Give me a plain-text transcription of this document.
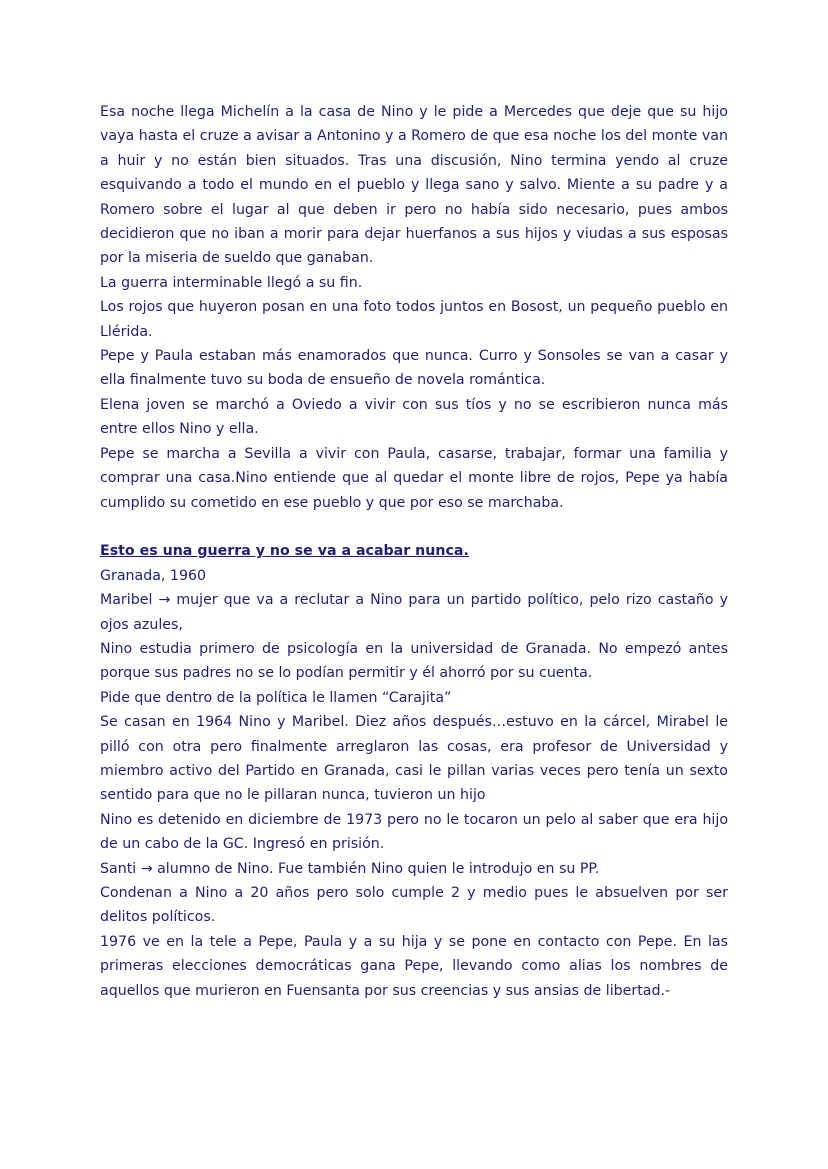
Esa noche llega Michelín a la casa de Nino y le pide a Mercedes que deje que su hijo vaya hasta el cruze a avisar a Antonino y a Romero de que esa noche los del monte van a huir y no están bien situados. Tras una discusión, Nino termina yendo al cruze esquivando a todo el mundo en el pueblo y llega sano y salvo. Miente a su padre y a Romero sobre el lugar al que deben ir pero no había sido necesario, pues ambos decidieron que no iban a morir para dejar huerfanos a sus hijos y viudas a sus esposas por la miseria de sueldo que ganaban.

La guerra interminable llegó a su fin.

Los rojos que huyeron posan en una foto todos juntos en Bosost, un pequeño pueblo en Llérida.

Pepe y Paula estaban más enamorados que nunca. Curro y Sonsoles se van a casar y ella finalmente tuvo su boda de ensueño de novela romántica.

Elena joven se marchó a Oviedo a vivir con sus tíos y no se escribieron nunca más entre ellos Nino y ella.

Pepe se marcha a Sevilla a vivir con Paula, casarse, trabajar, formar una familia y comprar una casa.Nino entiende que al quedar el monte libre de rojos, Pepe ya había cumplido su cometido en ese pueblo y que por eso se marchaba.

Esto es una guerra y no se va a acabar nunca.

Granada, 1960

Maribel → mujer que va a reclutar a Nino para un partido político, pelo rizo castaño y ojos azules,

Nino estudia primero de psicología en la universidad de Granada. No empezó antes porque sus padres no se lo podían permitir y él ahorró por su cuenta.

Pide que dentro de la política le llamen “Carajita”

Se casan en 1964 Nino y Maribel. Diez años después…estuvo en la cárcel, Mirabel le pilló con otra pero finalmente arreglaron las cosas, era profesor de Universidad y miembro activo del Partido en Granada, casi le pillan varias veces pero tenía un sexto sentido para que no le pillaran nunca, tuvieron un hijo

Nino es detenido en diciembre de 1973 pero no le tocaron un pelo al saber que era hijo de un cabo de la GC. Ingresó en prisión.

Santi → alumno de Nino. Fue también Nino quien le introdujo en su PP.

Condenan a Nino a 20 años pero solo cumple 2 y medio pues le absuelven por ser delitos políticos.

1976 ve en la tele a Pepe, Paula y a su hija y se pone en contacto con Pepe. En las primeras elecciones democráticas gana Pepe, llevando como alias los nombres de aquellos que murieron en Fuensanta por sus creencias y sus ansias de libertad.-
